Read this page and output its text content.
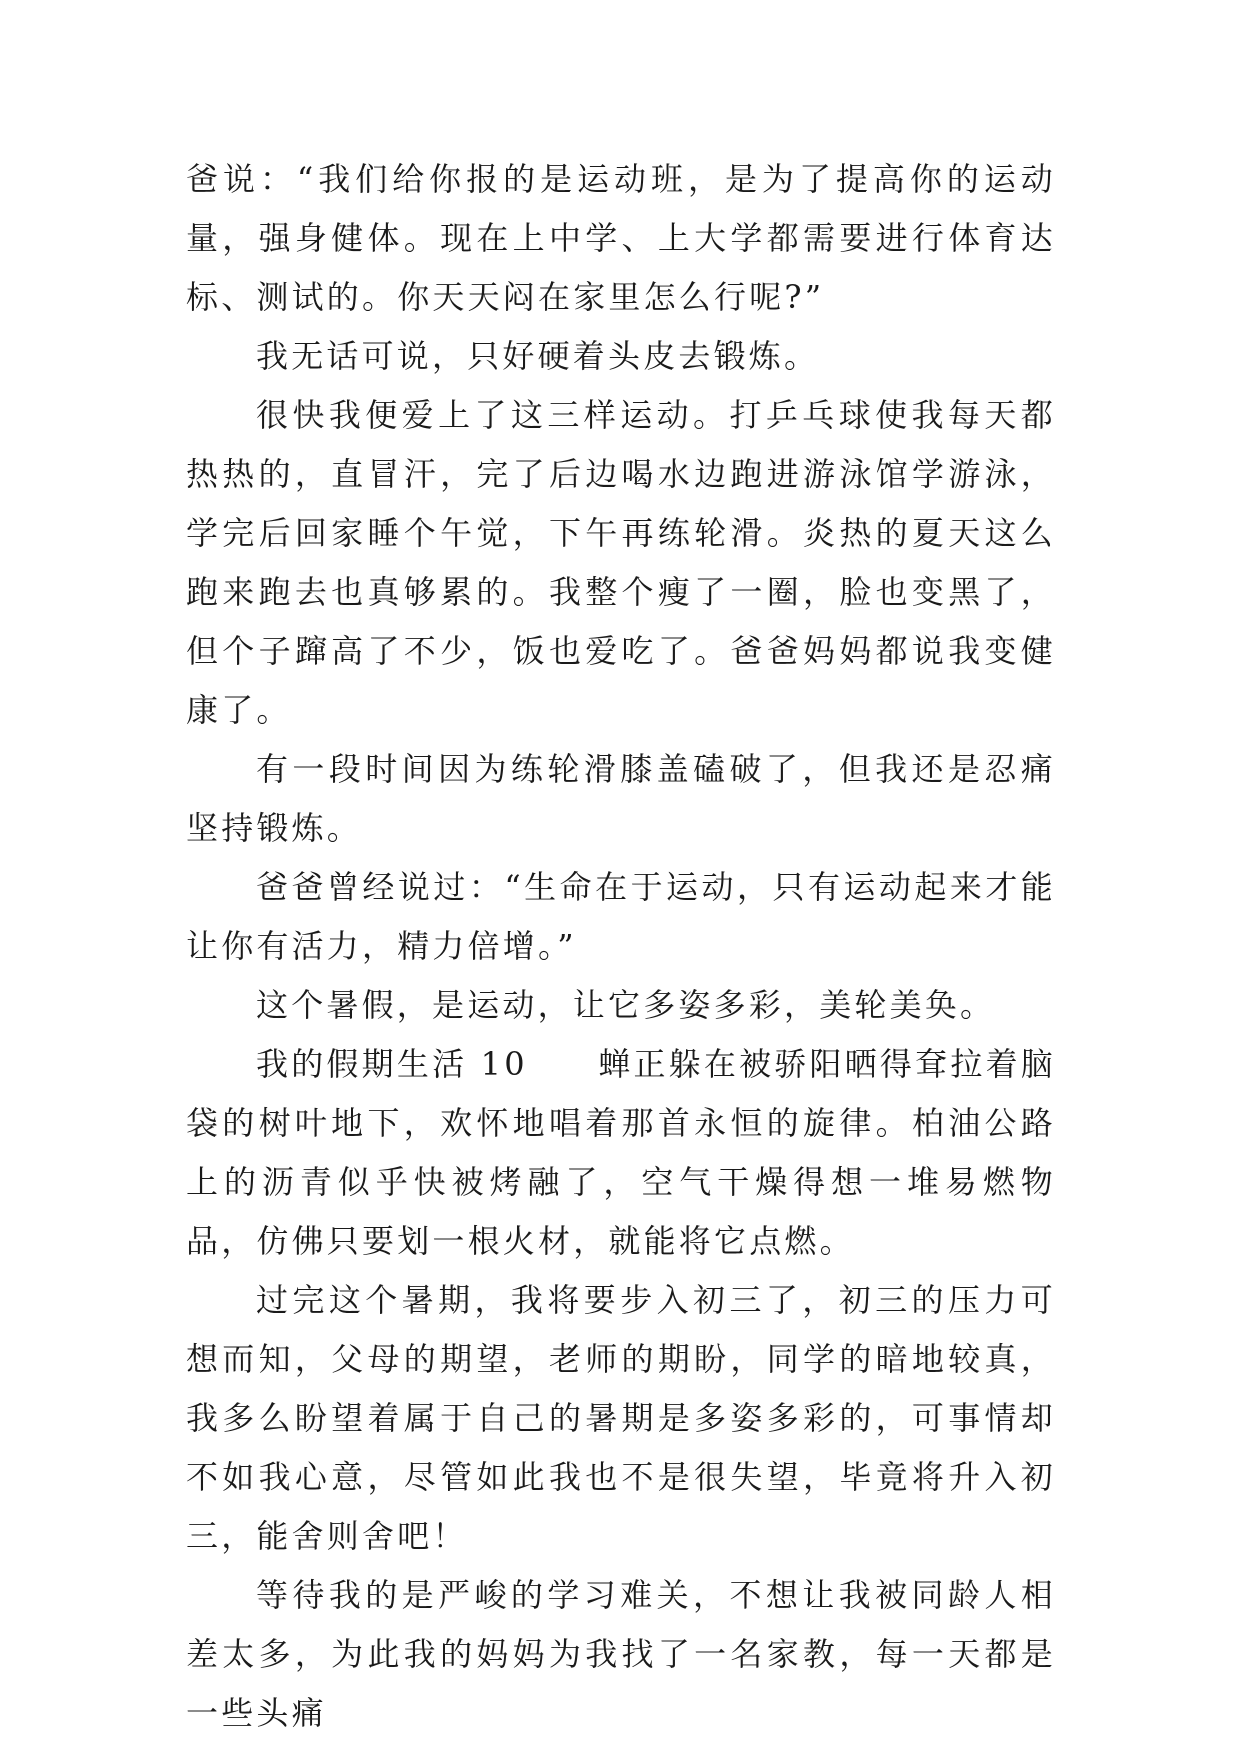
爸说：“我们给你报的是运动班，是为了提高你的运动量，强身健体。现在上中学、上大学都需要进行体育达标、测试的。你天天闷在家里怎么行呢?”

我无话可说，只好硬着头皮去锻炼。

很快我便爱上了这三样运动。打乒乓球使我每天都热热的，直冒汗，完了后边喝水边跑进游泳馆学游泳，学完后回家睡个午觉，下午再练轮滑。炎热的夏天这么跑来跑去也真够累的。我整个瘦了一圈，脸也变黑了，但个子蹿高了不少，饭也爱吃了。爸爸妈妈都说我变健康了。

有一段时间因为练轮滑膝盖磕破了，但我还是忍痛坚持锻炼。

爸爸曾经说过：“生命在于运动，只有运动起来才能让你有活力，精力倍增。”

这个暑假，是运动，让它多姿多彩，美轮美奂。

我的假期生活 10　　蝉正躲在被骄阳晒得耷拉着脑袋的树叶地下，欢怀地唱着那首永恒的旋律。柏油公路上的沥青似乎快被烤融了，空气干燥得想一堆易燃物品，仿佛只要划一根火材，就能将它点燃。

过完这个暑期，我将要步入初三了，初三的压力可想而知，父母的期望，老师的期盼，同学的暗地较真，我多么盼望着属于自己的暑期是多姿多彩的，可事情却不如我心意，尽管如此我也不是很失望，毕竟将升入初三，能舍则舍吧！

等待我的是严峻的学习难关，不想让我被同龄人相差太多，为此我的妈妈为我找了一名家教，每一天都是一些头痛
